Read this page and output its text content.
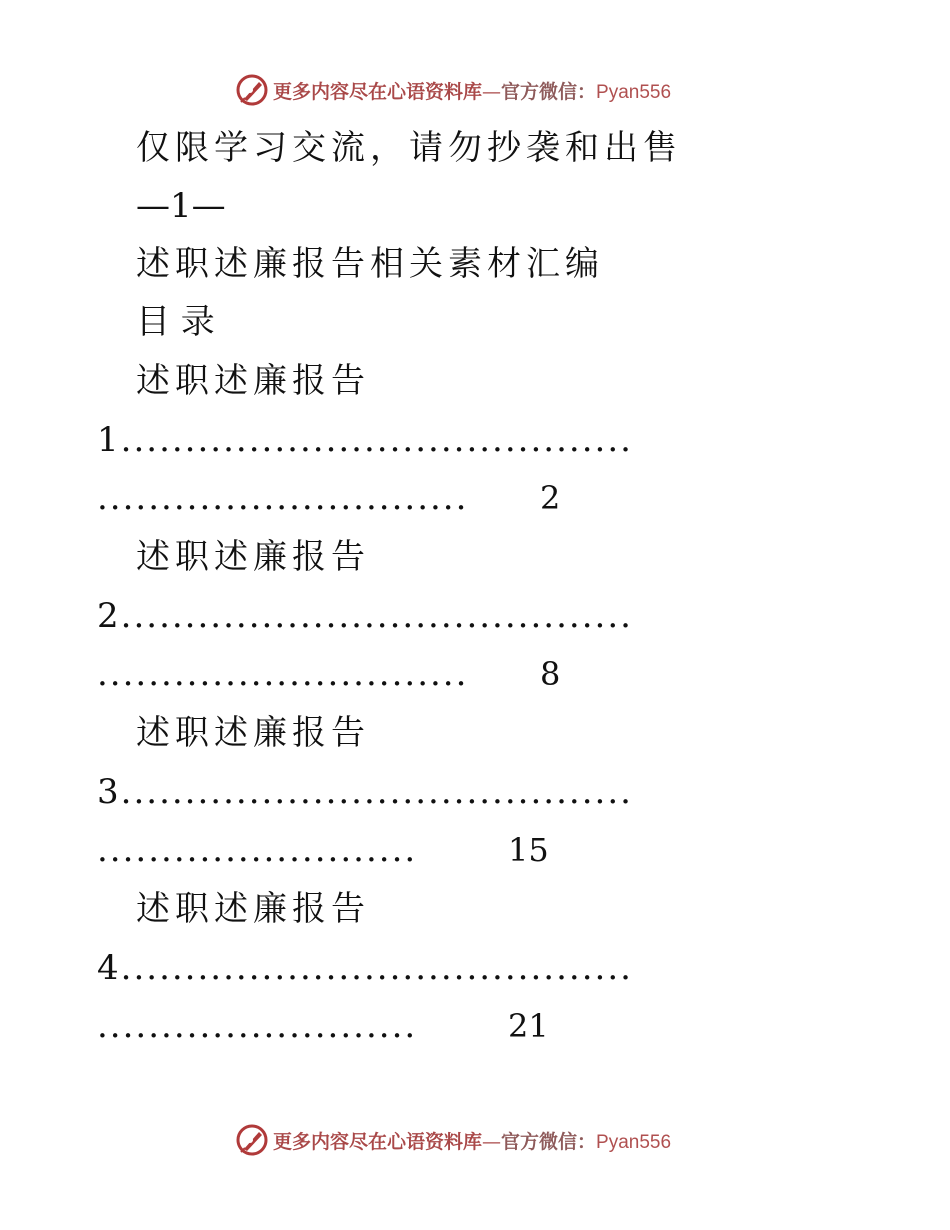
更多内容尽在心语资料库—官方微信：Pyan556
仅限学习交流，请勿抄袭和出售
—1—
述职述廉报告相关素材汇编
目 录
述职述廉报告
1........................................
............................. 2
述职述廉报告
2........................................
............................. 8
述职述廉报告
3........................................
.........................	15
述职述廉报告
4........................................
.........................	21
更多内容尽在心语资料库—官方微信：Pyan556
